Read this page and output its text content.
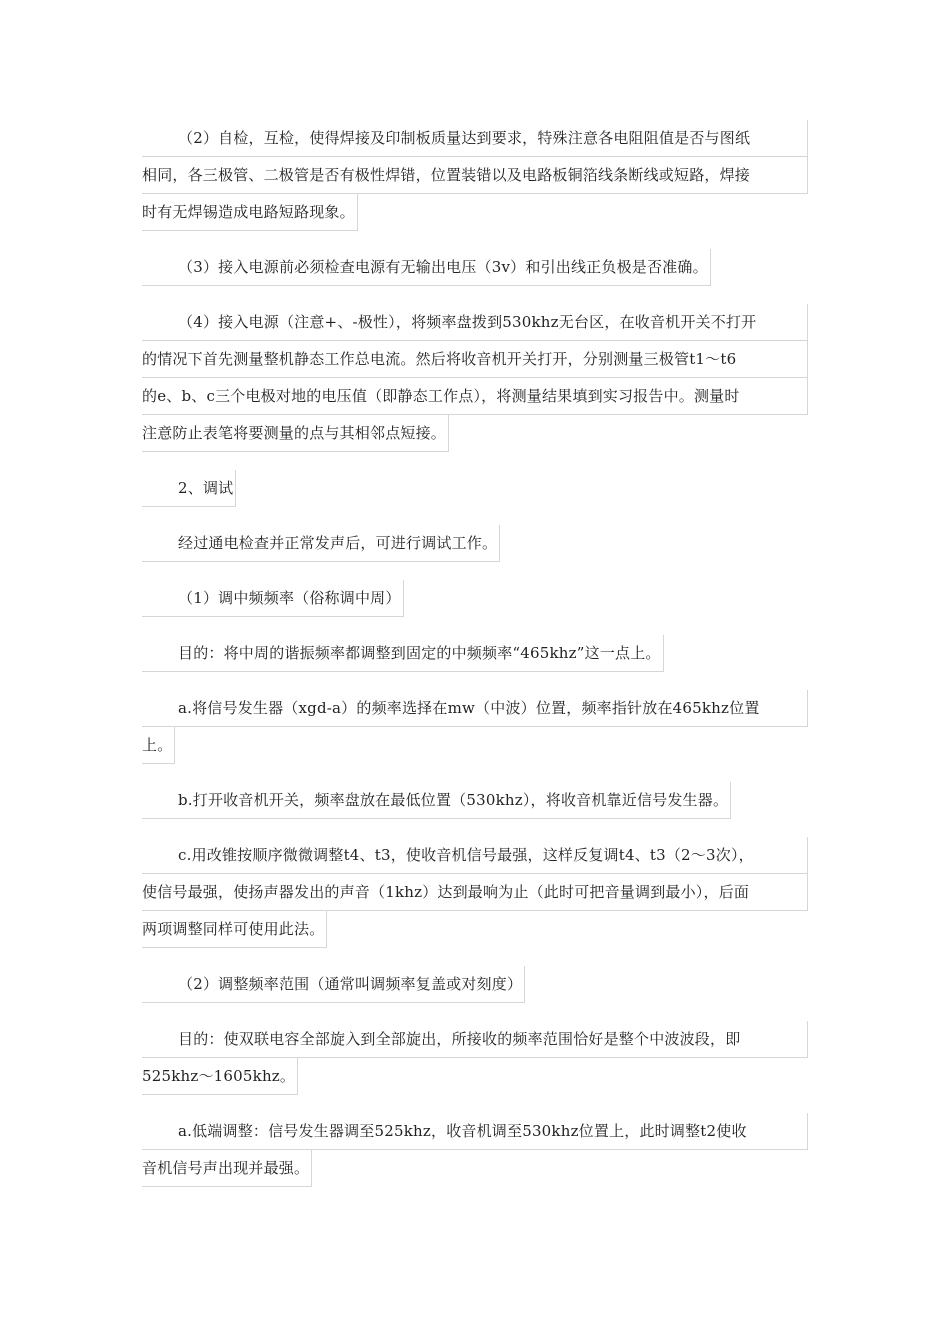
（2）自检，互检，使得焊接及印制板质量达到要求，特殊注意各电阻阻值是否与图纸
相同，各三极管、二极管是否有极性焊错，位置装错以及电路板铜箔线条断线或短路，焊接
时有无焊锡造成电路短路现象。
（3）接入电源前必须检查电源有无输出电压（3v）和引出线正负极是否准确。
（4）接入电源（注意+、-极性），将频率盘拨到530khz无台区，在收音机开关不打开
的情况下首先测量整机静态工作总电流。然后将收音机开关打开，分别测量三极管t1～t6
的e、b、c三个电极对地的电压值（即静态工作点），将测量结果填到实习报告中。测量时
注意防止表笔将要测量的点与其相邻点短接。
2、调试
经过通电检查并正常发声后，可进行调试工作。
（1）调中频频率（俗称调中周）
目的：将中周的谐振频率都调整到固定的中频频率“465khz”这一点上。
a.将信号发生器（xgd-a）的频率选择在mw（中波）位置，频率指针放在465khz位置
上。
b.打开收音机开关，频率盘放在最低位置（530khz），将收音机靠近信号发生器。
c.用改锥按顺序微微调整t4、t3，使收音机信号最强，这样反复调t4、t3（2～3次），
使信号最强，使扬声器发出的声音（1khz）达到最响为止（此时可把音量调到最小），后面
两项调整同样可使用此法。
（2）调整频率范围（通常叫调频率复盖或对刻度）
目的：使双联电容全部旋入到全部旋出，所接收的频率范围恰好是整个中波波段，即
525khz～1605khz。
a.低端调整：信号发生器调至525khz，收音机调至530khz位置上，此时调整t2使收
音机信号声出现并最强。
